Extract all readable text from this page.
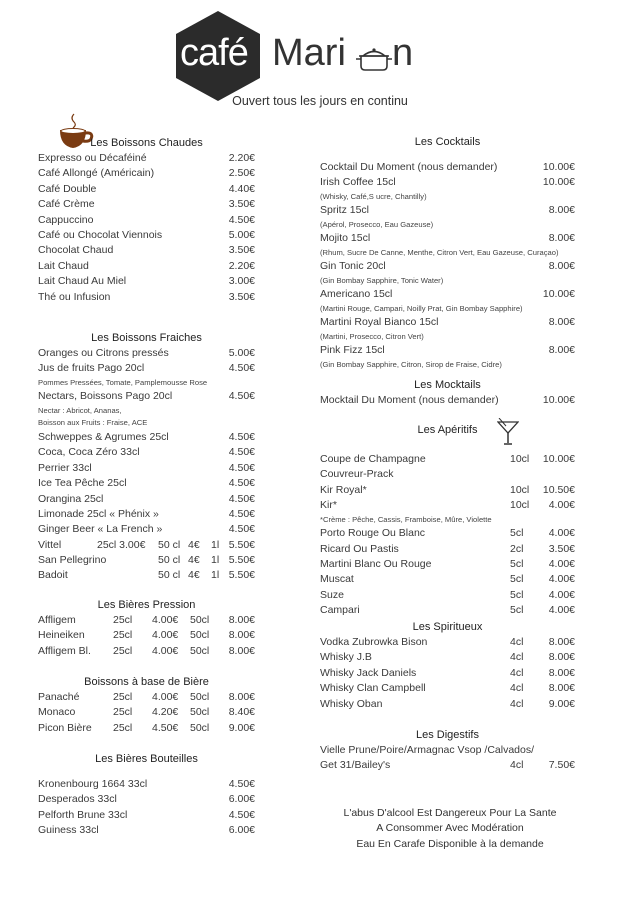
café Mari n
Ouvert tous les jours en continu
Les Boissons Chaudes
Expresso ou Décaféiné	2.20€
Café Allongé (Américain)	2.50€
Café Double	4.40€
Café Crème	3.50€
Cappuccino	4.50€
Café ou Chocolat Viennois	5.00€
Chocolat Chaud	3.50€
Lait Chaud	2.20€
Lait Chaud Au Miel	3.00€
Thé ou Infusion	3.50€
Les Boissons Fraiches
Oranges ou Citrons pressés	5.00€
Jus de fruits Pago 20cl	4.50€
Pommes Pressées, Tomate, Pamplemousse Rose
Nectars, Boissons Pago 20cl	4.50€
Nectar : Abricot, Ananas,
Boisson aux Fruits : Fraise, ACE
Schweppes & Agrumes 25cl	4.50€
Coca, Coca Zéro 33cl	4.50€
Perrier 33cl	4.50€
Ice Tea Pêche 25cl	4.50€
Orangina 25cl	4.50€
Limonade 25cl « Phénix »	4.50€
Ginger Beer « La French »	4.50€
Vittel	25cl 3.00€ 50 cl 4€ 1l 5.50€
San Pellegrino	50 cl 4€ 1l 5.50€
Badoit	50 cl 4€ 1l 5.50€
Les Bières Pression
Affligem	25cl 4.00€ 50cl 8.00€
Heineiken	25cl 4.00€ 50cl 8.00€
Affligem Bl. 25cl 4.00€ 50cl 8.00€
Boissons à base de Bière
Panaché	25cl 4.00€ 50cl 8.00€
Monaco	25cl 4.20€ 50cl 8.40€
Picon Bière 25cl 4.50€ 50cl 9.00€
Les Bières Bouteilles
Kronenbourg 1664 33cl	4.50€
Desperados 33cl	6.00€
Pelforth Brune 33cl	4.50€
Guiness 33cl	6.00€
Les Cocktails
Cocktail Du Moment (nous demander)	10.00€
Irish Coffee 15cl	10.00€
(Whisky, Café,S ucre, Chantilly)
Spritz 15cl	8.00€
(Apérol, Prosecco, Eau Gazeuse)
Mojito 15cl	8.00€
(Rhum, Sucre De Canne, Menthe, Citron Vert, Eau Gazeuse, Curaçao)
Gin Tonic 20cl	8.00€
(Gin Bombay Sapphire, Tonic Water)
Americano 15cl	10.00€
(Martini Rouge, Campari, Noilly Prat, Gin Bombay Sapphire)
Martini Royal Bianco 15cl	8.00€
(Martini, Prosecco, Citron Vert)
Pink Fizz 15cl	8.00€
(Gin Bombay Sapphire, Citron, Sirop de Fraise, Cidre)
Les Mocktails
Mocktail Du Moment (nous demander)	10.00€
Les Apéritifs
Coupe de Champagne	10cl 10.00€
Couvreur-Prack
Kir Royal*	10cl 10.50€
Kir*	10cl 4.00€
*Crème : Pêche, Cassis, Framboise, Mûre, Violette
Porto Rouge Ou Blanc	5cl 4.00€
Ricard Ou Pastis	2cl 3.50€
Martini Blanc Ou Rouge	5cl 4.00€
Muscat	5cl 4.00€
Suze	5cl 4.00€
Campari	5cl 4.00€
Les Spiritueux
Vodka Zubrowka Bison	4cl 8.00€
Whisky J.B	4cl 8.00€
Whisky Jack Daniels	4cl 8.00€
Whisky Clan Campbell	4cl 8.00€
Whisky Oban	4cl 9.00€
Les Digestifs
Vielle Prune/Poire/Armagnac Vsop /Calvados/
Get 31/Bailey's	4cl 7.50€
L'abus D'alcool Est Dangereux Pour La Sante
A Consommer Avec Modération
Eau En Carafe Disponible à la demande
